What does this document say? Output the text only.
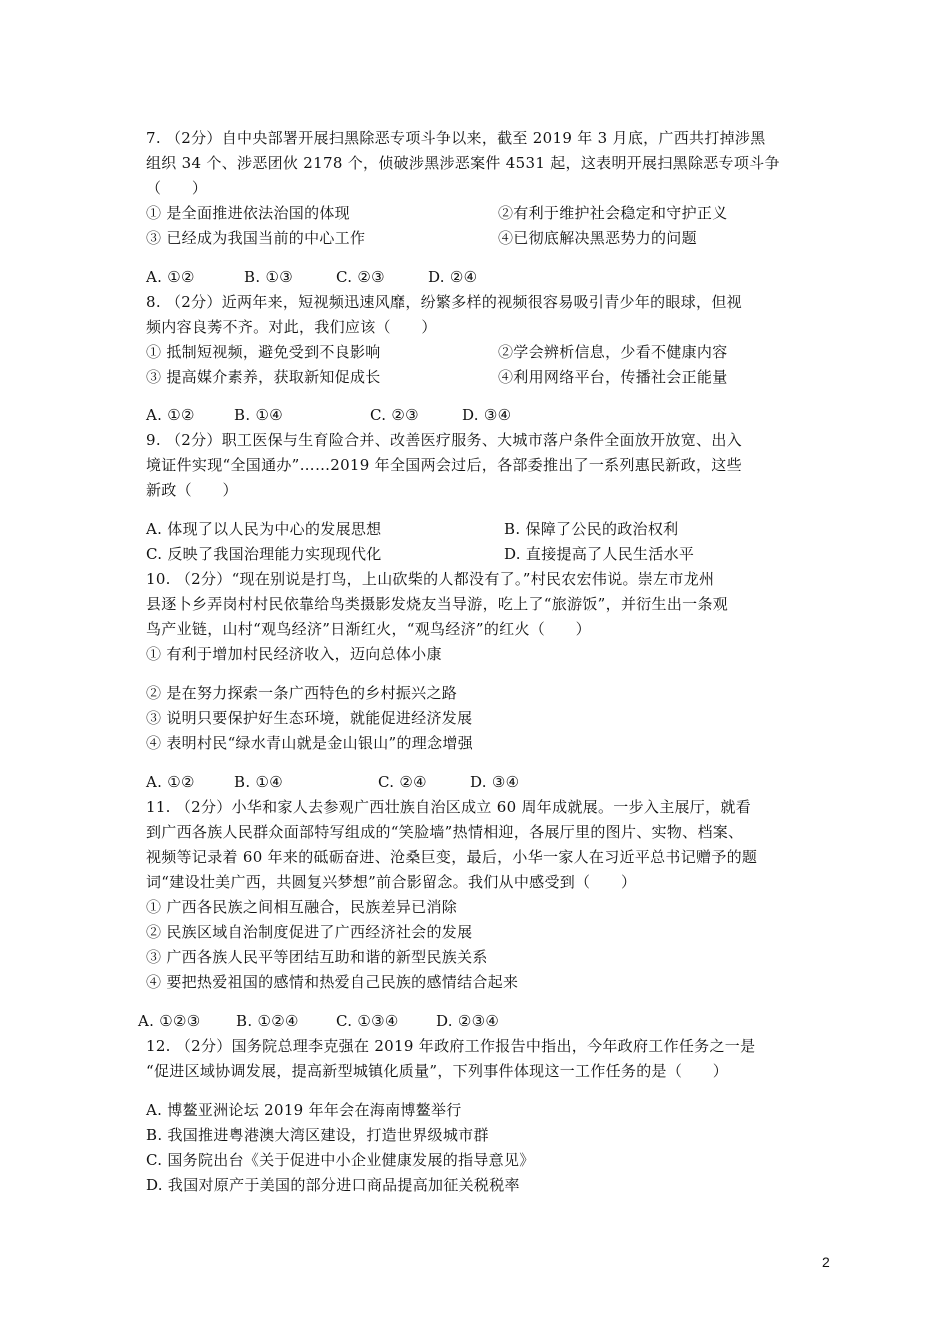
7. （2分）自中央部署开展扫黑除恶专项斗争以来，截至 2019 年 3 月底，广西共打掉涉黑
组织 34 个、涉恶团伙 2178 个，侦破涉黑涉恶案件 4531 起，这表明开展扫黑除恶专项斗争
（　　）
① 是全面推进依法治国的体现	②有利于维护社会稳定和守护正义
③ 已经成为我国当前的中心工作	④已彻底解决黑恶势力的问题
A. ①②	B. ①③	C. ②③	D. ②④
8. （2分）近两年来，短视频迅速风靡，纷繁多样的视频很容易吸引青少年的眼球，但视
频内容良莠不齐。对此，我们应该（　　）
① 抵制短视频，避免受到不良影响	②学会辨析信息，少看不健康内容
③ 提高媒介素养，获取新知促成长	④利用网络平台，传播社会正能量
A. ①②	B. ①④	C. ②③	D. ③④
9. （2分）职工医保与生育险合并、改善医疗服务、大城市落户条件全面放开放宽、出入
境证件实现“全国通办”……2019 年全国两会过后，各部委推出了一系列惠民新政，这些
新政（　　）
A. 体现了以人民为中心的发展思想	B. 保障了公民的政治权利
C. 反映了我国治理能力实现现代化	D. 直接提高了人民生活水平
10. （2分）“现在别说是打鸟，上山砍柴的人都没有了。”村民农宏伟说。崇左市龙州
县逐卜乡弄岗村村民依靠给鸟类摄影发烧友当导游，吃上了“旅游饭”，并衍生出一条观
鸟产业链，山村“观鸟经济”日渐红火，“观鸟经济”的红火（　　）
① 有利于增加村民经济收入，迈向总体小康
② 是在努力探索一条广西特色的乡村振兴之路
③ 说明只要保护好生态环境，就能促进经济发展
④ 表明村民“绿水青山就是金山银山”的理念增强
A. ①②	B. ①④	C. ②④	D. ③④
11. （2分）小华和家人去参观广西壮族自治区成立 60 周年成就展。一步入主展厅，就看
到广西各族人民群众面部特写组成的“笑脸墙”热情相迎，各展厅里的图片、实物、档案、
视频等记录着 60 年来的砥砺奋进、沧桑巨变，最后，小华一家人在习近平总书记赠予的题
词“建设壮美广西，共圆复兴梦想”前合影留念。我们从中感受到（　　）
① 广西各民族之间相互融合，民族差异已消除
② 民族区域自治制度促进了广西经济社会的发展
③ 广西各族人民平等团结互助和谐的新型民族关系
④ 要把热爱祖国的感情和热爱自己民族的感情结合起来
A. ①②③ B. ①②④ C. ①③④ D. ②③④
12. （2分）国务院总理李克强在 2019 年政府工作报告中指出，今年政府工作任务之一是
“促进区域协调发展，提高新型城镇化质量”，下列事件体现这一工作任务的是（　　）
A. 博鳌亚洲论坛 2019 年年会在海南博鳌举行
B. 我国推进粤港澳大湾区建设，打造世界级城市群
C. 国务院出台《关于促进中小企业健康发展的指导意见》
D. 我国对原产于美国的部分进口商品提高加征关税税率
2
